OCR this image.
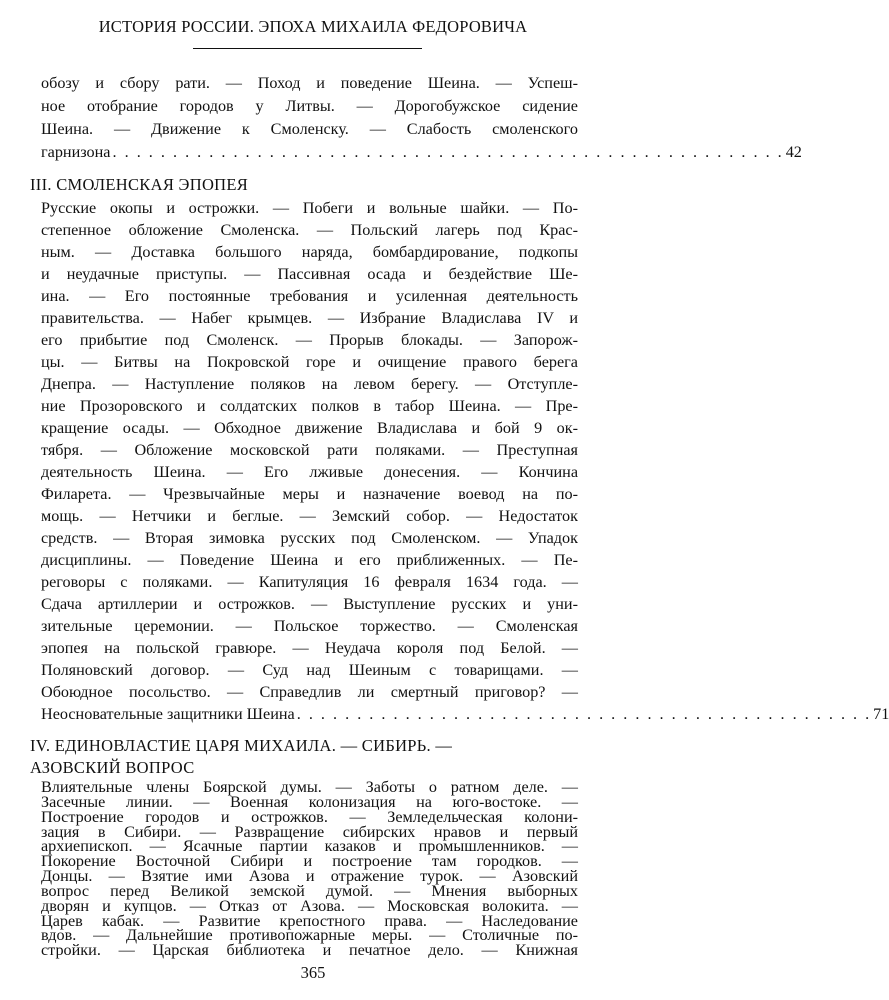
ИСТОРИЯ РОССИИ. ЭПОХА МИХАИЛА ФЕДОРОВИЧА
обозу и сбору рати. — Поход и поведение Шеина. — Успеш-
ное отобрание городов у Литвы. — Дорогобужское сидение
Шеина. — Движение к Смоленску. — Слабость смоленского
гарнизона . . . . . . . . . . . . . . . . . . . . . . . . . . . . . . . . . . . . . . . . . . . . . . . . . . . . . . . . 42
III. СМОЛЕНСКАЯ ЭПОПЕЯ
Русские окопы и острожки. — Побеги и вольные шайки. — По-
степенное обложение Смоленска. — Польский лагерь под Крас-
ным. — Доставка большого наряда, бомбардирование, подкопы
и неудачные приступы. — Пассивная осада и бездействие Ше-
ина. — Его постоянные требования и усиленная деятельность
правительства. — Набег крымцев. — Избрание Владислава IV и
его прибытие под Смоленск. — Прорыв блокады. — Запорож-
цы. — Битвы на Покровской горе и очищение правого берега
Днепра. — Наступление поляков на левом берегу. — Отступле-
ние Прозоровского и солдатских полков в табор Шеина. — Пре-
кращение осады. — Обходное движение Владислава и бой 9 ок-
тября. — Обложение московской рати поляками. — Преступная
деятельность Шеина. — Его лживые донесения. — Кончина
Филарета. — Чрезвычайные меры и назначение воевод на по-
мощь. — Нетчики и беглые. — Земский собор. — Недостаток
средств. — Вторая зимовка русских под Смоленском. — Упадок
дисциплины. — Поведение Шеина и его приближенных. — Пе-
реговоры с поляками. — Капитуляция 16 февраля 1634 года. —
Сдача артиллерии и острожков. — Выступление русских и уни-
зительные церемонии. — Польское торжество. — Смоленская
эпопея на польской гравюре. — Неудача короля под Белой. —
Поляновский договор. — Суд над Шеиным с товарищами. —
Обоюдное посольство. — Справедлив ли смертный приговор? —
Неосновательные защитники Шеина . . . . . . . . . . . . . . . . . . . . . . . . . . . . . . . . . . . . . . . . . . . . . . . . 71
IV. ЕДИНОВЛАСТИЕ ЦАРЯ МИХАИЛА. — СИБИРЬ. —
АЗОВСКИЙ ВОПРОС
Влиятельные члены Боярской думы. — Заботы о ратном деле. —
Засечные линии. — Военная колонизация на юго-востоке. —
Построение городов и острожков. — Земледельческая колони-
зация в Сибири. — Развращение сибирских нравов и первый
архиепископ. — Ясачные партии казаков и промышленников. —
Покорение Восточной Сибири и построение там городков. —
Донцы. — Взятие ими Азова и отражение турок. — Азовский
вопрос перед Великой земской думой. — Мнения выборных
дворян и купцов. — Отказ от Азова. — Московская волокита. —
Царев кабак. — Развитие крепостного права. — Наследование
вдов. — Дальнейшие противопожарные меры. — Столичные по-
стройки. — Царская библиотека и печатное дело. — Книжная
365
